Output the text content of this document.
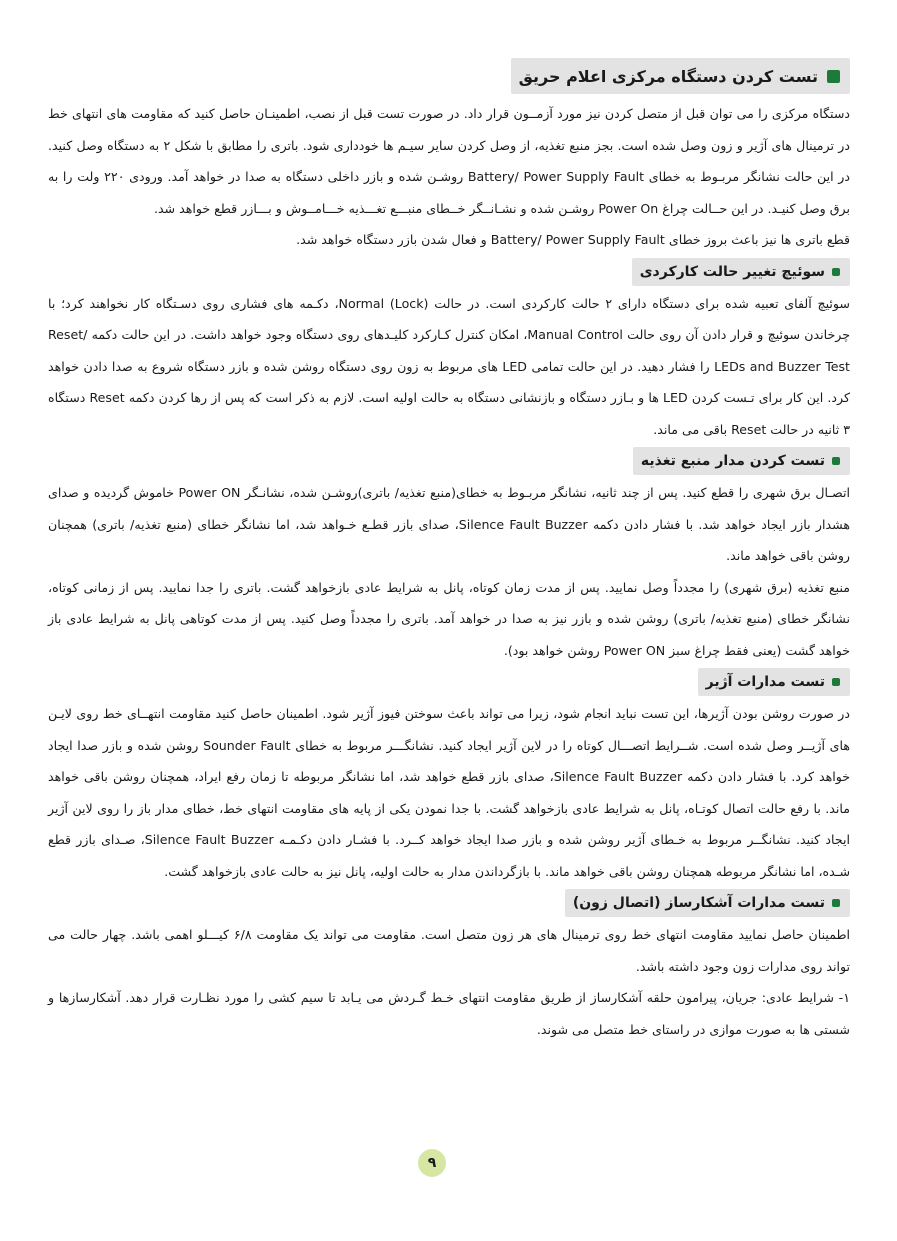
تست کردن دستگاه مرکزی اعلام حریق

دستگاه مرکزی را می توان قبل از متصل کردن نیز مورد آزمــون قرار داد. در صورت تست قبل از نصب، اطمینـان حاصل کنید که مقاومت های انتهای خط در ترمینال های آژیر و زون وصل شده است. بجز منبع تغذیه، از وصل کردن سایر سیـم ها خودداری شود. باتری را مطابق با شکل ۲ به دستگاه وصل کنید. در این حالت نشانگر مربـوط به خطای Battery/ Power Supply Fault روشـن شده و بازر داخلی دستگاه به صدا در خواهد آمد. ورودی ۲۲۰ ولت را به برق وصل کنیـد. در این حــالت چراغ Power On روشـن شده و نشـانــگر خــطای منبـــع تغـــذیه خـــامــوش و بـــازر قطع خواهد شد.

قطع باتری ها نیز باعث بروز خطای Battery/ Power Supply Fault و فعال شدن بازر دستگاه خواهد شد.

سوئیچ تغییر حالت کارکردی

سوئیچ آلفای تعبیه شده برای دستگاه دارای ۲ حالت کارکردی است. در حالت (Normal (Lock، دکـمه های فشاری روی دسـتگاه کار نخواهند کرد؛ با چرخاندن سوئیچ و قرار دادن آن روی حالت Manual Control، امکان کنترل کـارکرد کلیـدهای روی دستگاه وجود خواهد داشت. در این حالت دکمه Reset/ LEDs and Buzzer Test را فشار دهید. در این حالت تمامی LED های مربوط به زون روی دستگاه روشن شده و بازر دستگاه شروع به صدا دادن خواهد کرد. این کار برای تـست کردن LED ها و بـازر دستگاه و بازنشانی دستگاه به حالت اولیه است. لازم به ذکر است که پس از رها کردن دکمه Reset دستگاه ۳ ثانیه در حالت Reset باقی می ماند.

تست کردن مدار منبع تغذیه

اتصـال برق شهری را قطع کنید. پس از چند ثانیه، نشانگر مربـوط به خطای(منبع تغذیه/ باتری)روشـن شده، نشانـگر Power ON خاموش گردیده و صدای هشدار بازر ایجاد خواهد شد. با فشار دادن دکمه Silence Fault Buzzer، صدای بازر قطـع خـواهد شد، اما نشانگر خطای (منبع تغذیه/ باتری) همچنان روشن باقی خواهد ماند.

منبع تغذیه (برق شهری) را مجدداً وصل نمایید. پس از مدت زمان کوتاه، پانل به شرایط عادی بازخواهد گشت. باتری را جدا نمایید. پس از زمانی کوتاه، نشانگر خطای (منبع تغذیه/ باتری) روشن شده و بازر نیز به صدا در خواهد آمد. باتری را مجدداً وصل کنید. پس از مدت کوتاهی پانل به شرایط عادی باز خواهد گشت (یعنی فقط چراغ سبز Power ON روشن خواهد بود).

تست مدارات آژیر

در صورت روشن بودن آژیرها، این تست نباید انجام شود، زیرا می تواند باعث سوختن فیوز آژیر شود. اطمینان حاصل کنید مقاومت انتهــای خط روی لایـن های آژیــر وصل شده است. شــرایط اتصـــال کوتاه را در لاین آژیر ایجاد کنید. نشانگـــر مربوط به خطای Sounder Fault روشن شده و بازر صدا ایجاد خواهد کرد. با فشار دادن دکمه Silence Fault Buzzer، صدای بازر قطع خواهد شد، اما نشانگر مربوطه تا زمان رفع ایراد، همچنان روشن باقی خواهد ماند. با رفع حالت اتصال کوتـاه، پانل به شرایط عادی بازخواهد گشت. با جدا نمودن یکی از پایه های مقاومت انتهای خط، خطای مدار باز را روی لاین آژیر ایجاد کنید. نشانگــر مربوط به خـطای آژیر روشن شده و بازر صدا ایجاد خواهد کــرد. با فشـار دادن دکـمـه Silence Fault Buzzer، صـدای بازر قطع شـده، اما نشانگر مربوطه همچنان روشن باقی خواهد ماند. با بازگرداندن مدار به حالت اولیه، پانل نیز به حالت عادی بازخواهد گشت.

تست مدارات آشکارساز (اتصال زون)

اطمینان حاصل نمایید مقاومت انتهای خط روی ترمینال های هر زون متصل است. مقاومت می تواند یک مقاومت ۶/۸ کیـــلو اهمی باشد. چهار حالت می تواند روی مدارات زون وجود داشته باشد.

۱- شرایط عادی: جریان، پیرامون حلقه آشکارساز از طریق مقاومت انتهای خـط گـردش می یـابد تا سیم کشی را مورد نظـارت قرار دهد. آشکارسازها و شستی ها به صورت موازی در راستای خط متصل می شوند.

۹
